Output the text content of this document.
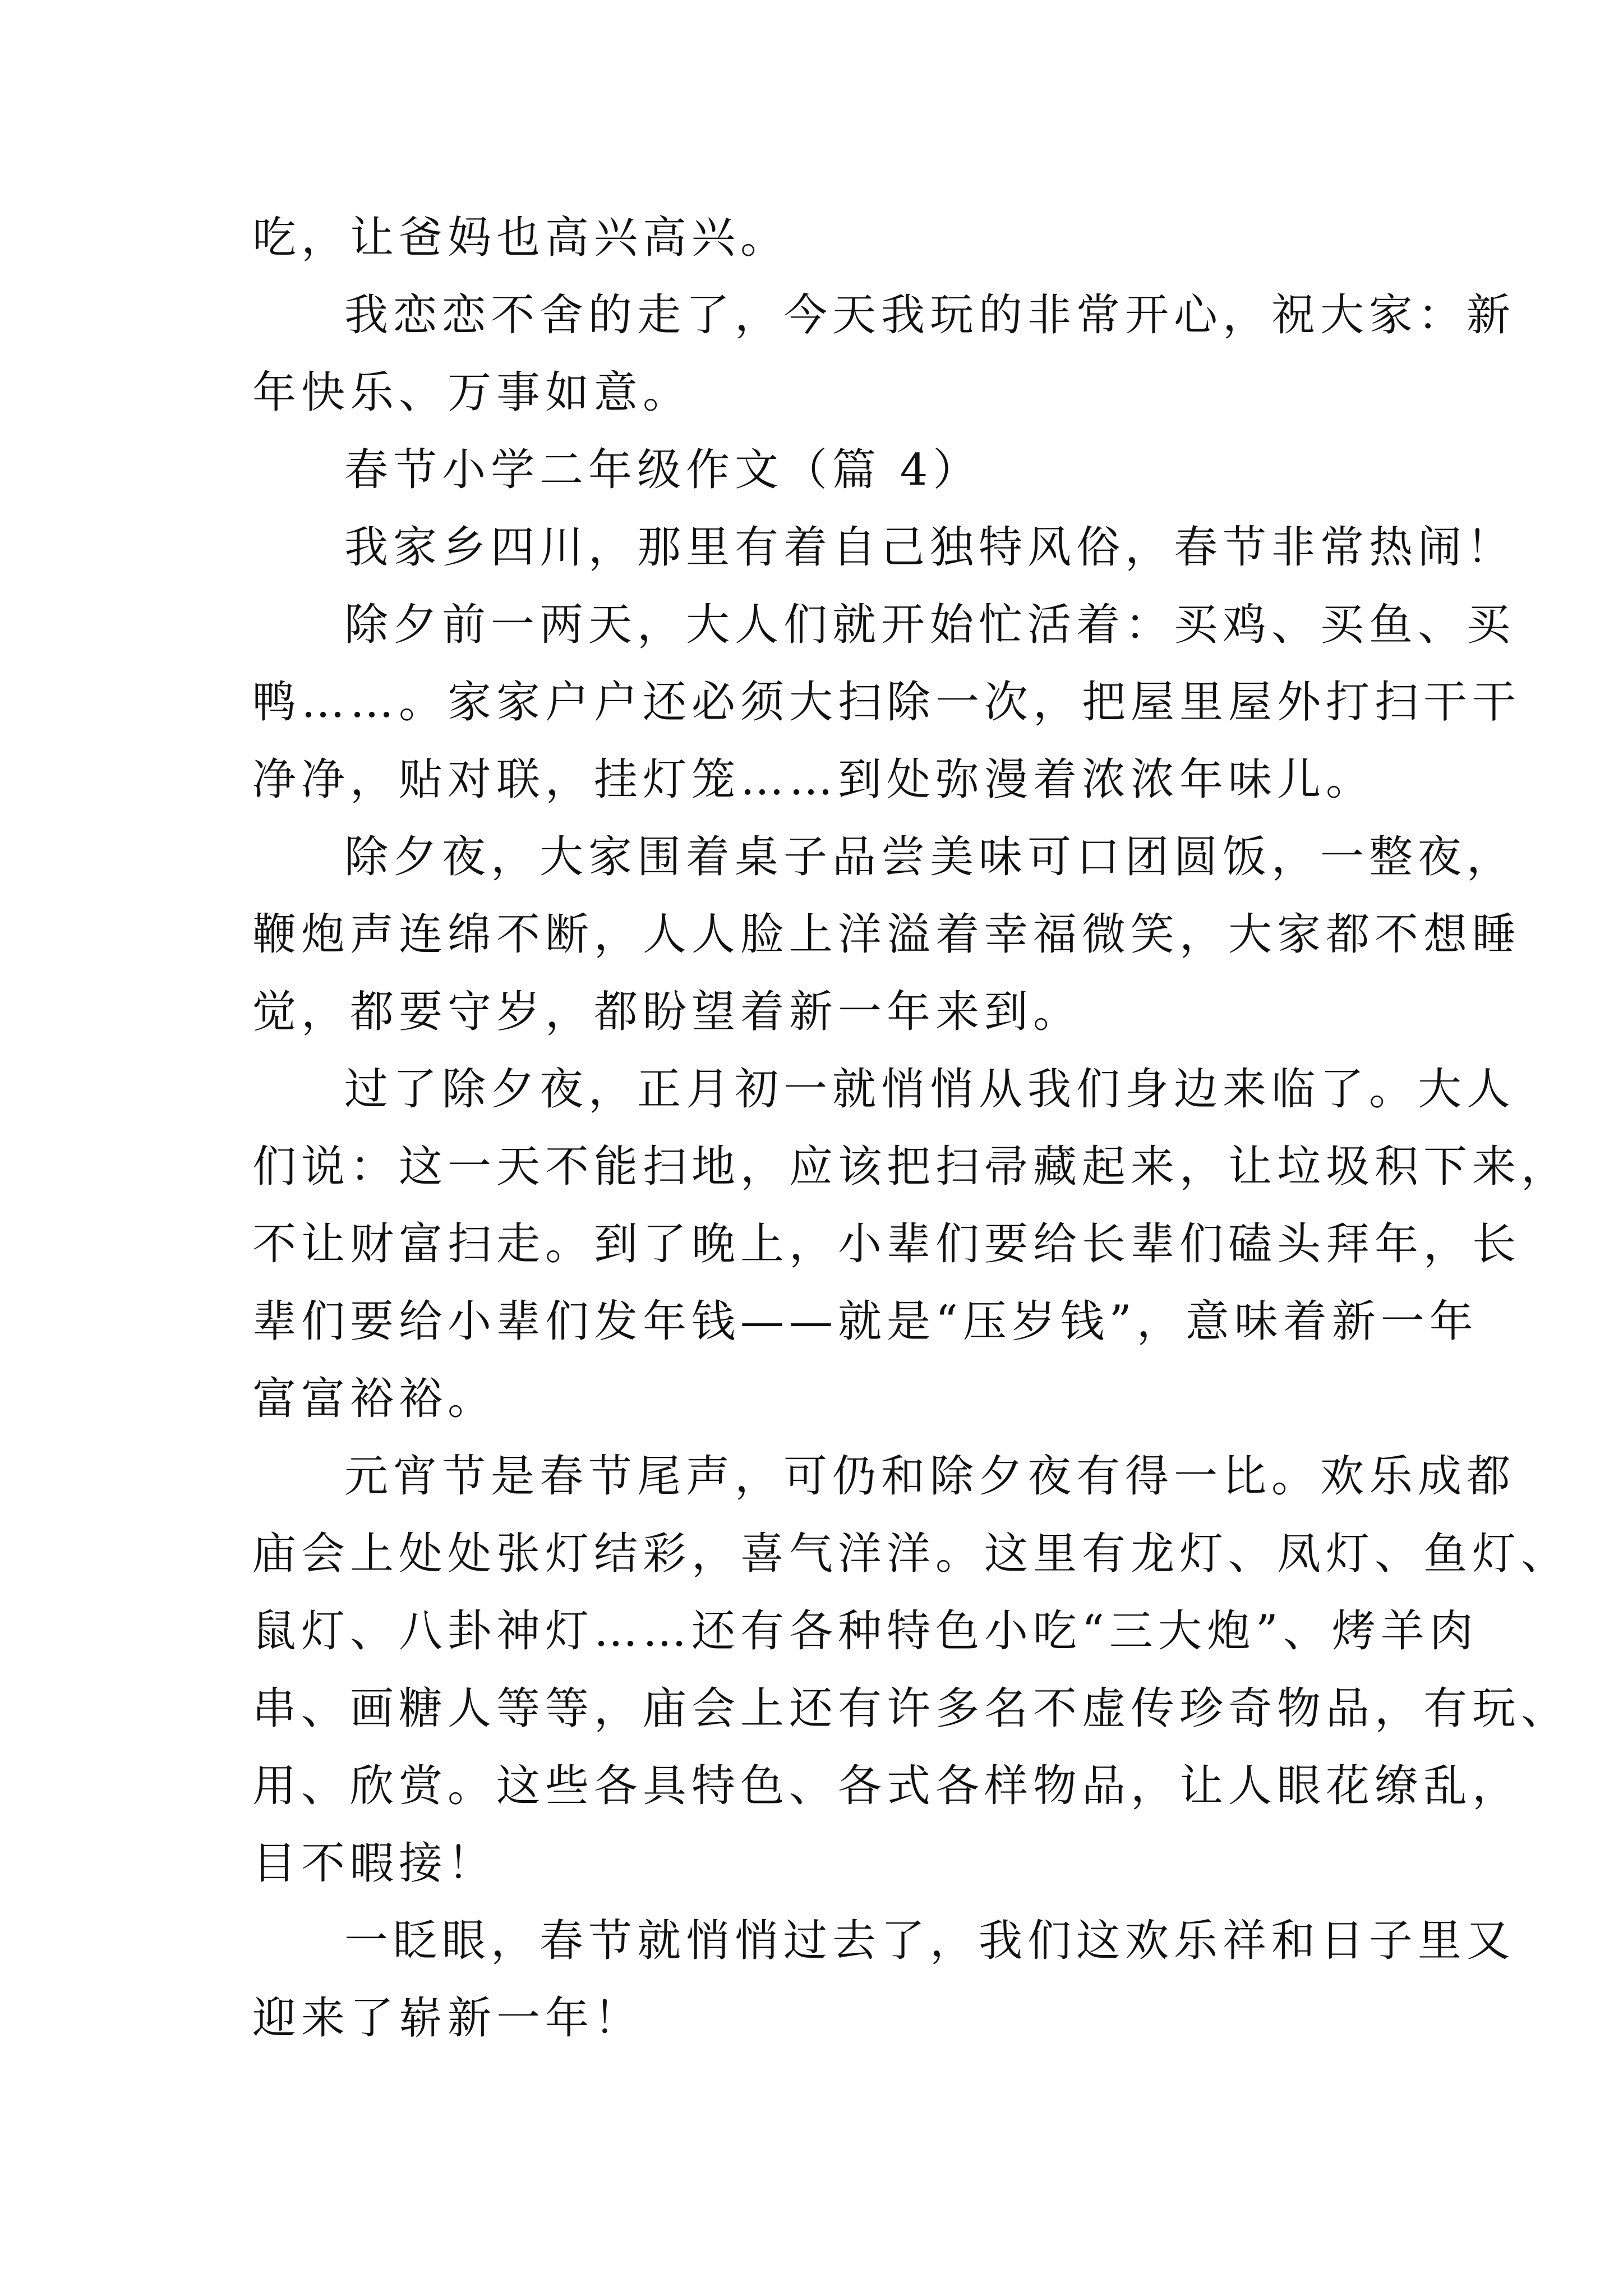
吃，让爸妈也高兴高兴。
我恋恋不舍的走了，今天我玩的非常开心，祝大家：新
年快乐、万事如意。
春节小学二年级作文（篇 4）
我家乡四川，那里有着自己独特风俗，春节非常热闹！
除夕前一两天，大人们就开始忙活着：买鸡、买鱼、买
鸭……。家家户户还必须大扫除一次，把屋里屋外打扫干干
净净，贴对联，挂灯笼……到处弥漫着浓浓年味儿。
除夕夜，大家围着桌子品尝美味可口团圆饭，一整夜，
鞭炮声连绵不断，人人脸上洋溢着幸福微笑，大家都不想睡
觉，都要守岁，都盼望着新一年来到。
过了除夕夜，正月初一就悄悄从我们身边来临了。大人
们说：这一天不能扫地，应该把扫帚藏起来，让垃圾积下来，
不让财富扫走。到了晚上，小辈们要给长辈们磕头拜年，长
辈们要给小辈们发年钱——就是“压岁钱”，意味着新一年
富富裕裕。
元宵节是春节尾声，可仍和除夕夜有得一比。欢乐成都
庙会上处处张灯结彩，喜气洋洋。这里有龙灯、凤灯、鱼灯、
鼠灯、八卦神灯……还有各种特色小吃“三大炮”、烤羊肉
串、画糖人等等，庙会上还有许多名不虚传珍奇物品，有玩、
用、欣赏。这些各具特色、各式各样物品，让人眼花缭乱，
目不暇接！
一眨眼，春节就悄悄过去了，我们这欢乐祥和日子里又
迎来了崭新一年！
